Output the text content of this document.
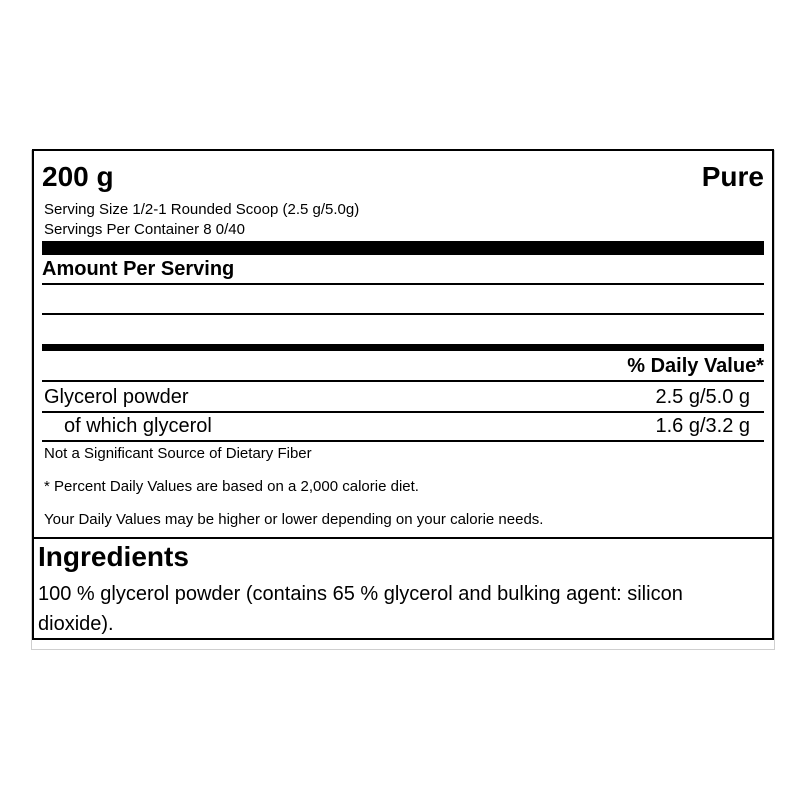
200 g	Pure
Serving Size 1/2-1 Rounded Scoop (2.5 g/5.0g)
Servings Per Container 8 0/40
Amount Per Serving
% Daily Value*
Glycerol powder	2.5 g/5.0 g
of which glycerol	1.6 g/3.2 g
Not a Significant Source of Dietary Fiber
* Percent Daily Values are based on a 2,000 calorie diet.
Your Daily Values may be higher or lower depending on your calorie needs.
Ingredients
100 % glycerol powder (contains 65 % glycerol and bulking agent: silicon dioxide).
